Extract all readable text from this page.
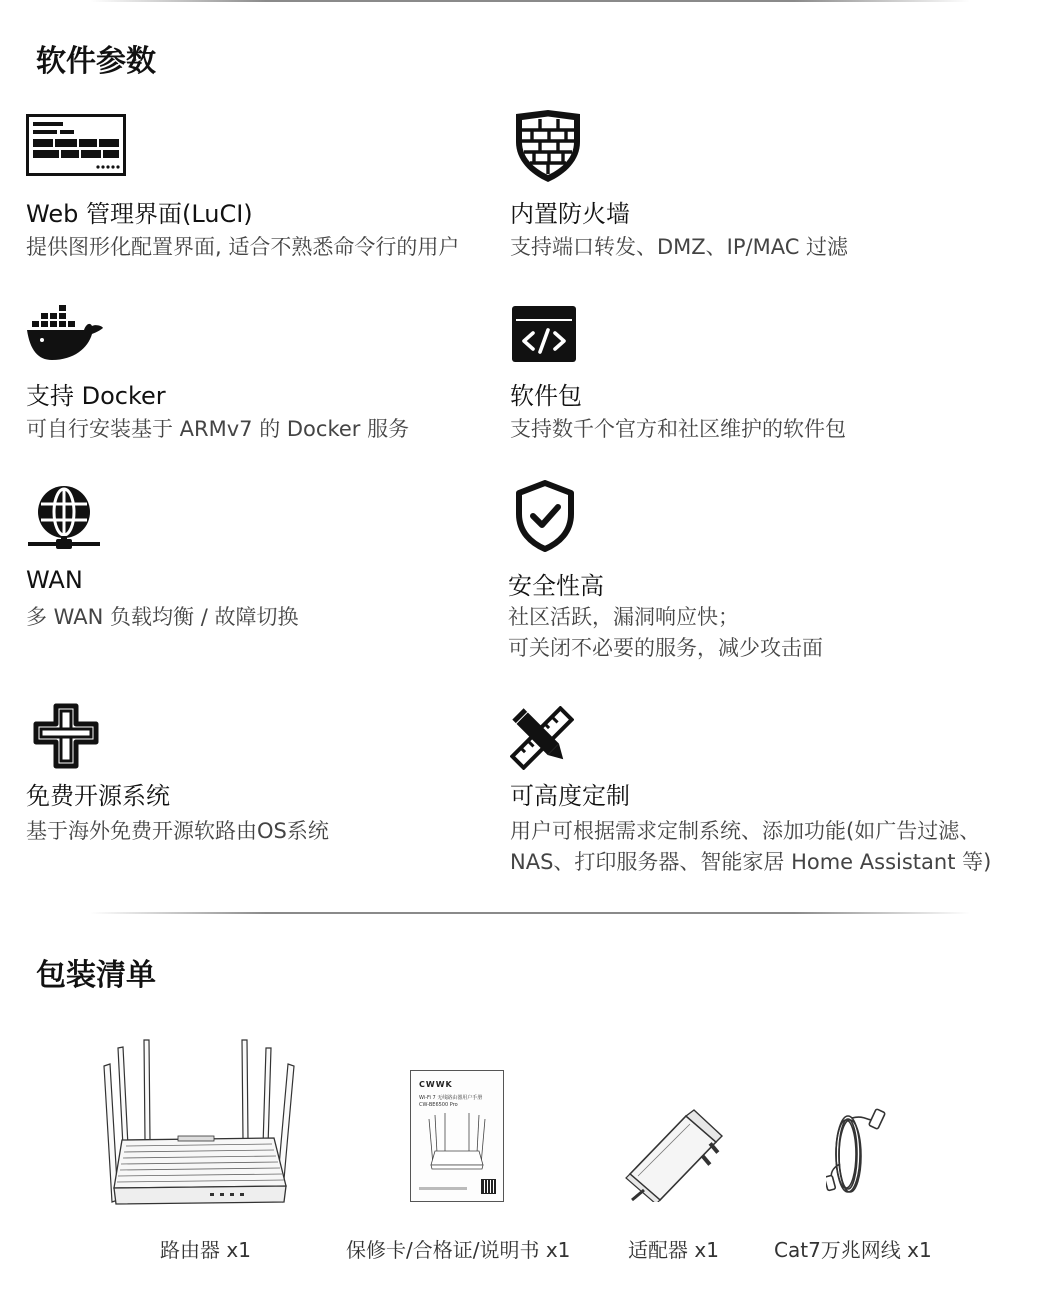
软件参数
Web 管理界面(LuCI)
提供图形化配置界面, 适合不熟悉命令行的用户
内置防火墙
支持端口转发、DMZ、IP/MAC 过滤
支持 Docker
可自行安装基于 ARMv7 的 Docker 服务
软件包
支持数千个官方和社区维护的软件包
WAN
多 WAN 负载均衡 / 故障切换
安全性高
社区活跃，漏洞响应快；
可关闭不必要的服务，减少攻击面
免费开源系统
基于海外免费开源软路由OS系统
可高度定制
用户可根据需求定制系统、添加功能(如广告过滤、
NAS、打印服务器、智能家居 Home Assistant 等)
包装清单
路由器 x1
CWWK
Wi-Fi 7 无线路由器用户手册
CW-BE6500 Pro
保修卡/合格证/说明书 x1	适配器 x1	Cat7万兆网线 x1
